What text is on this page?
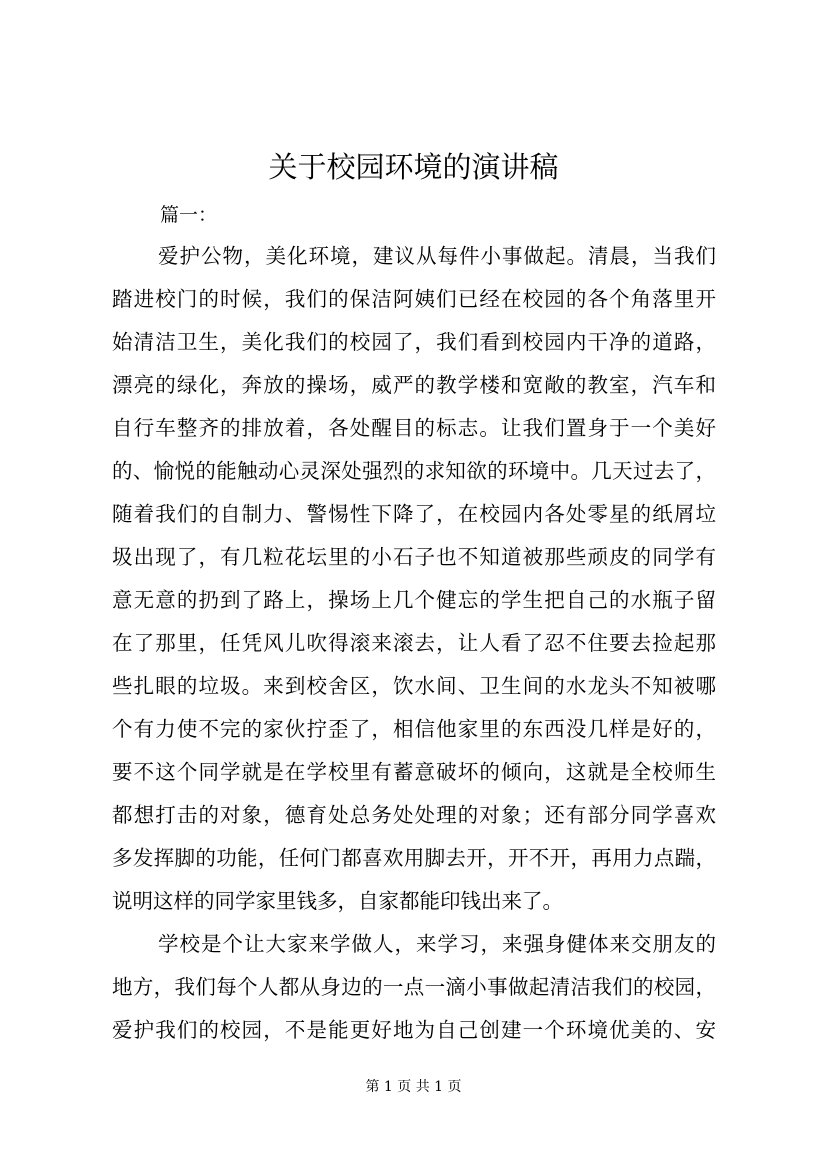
关于校园环境的演讲稿

篇一：

爱护公物，美化环境，建议从每件小事做起。清晨，当我们
踏进校门的时候，我们的保洁阿姨们已经在校园的各个角落里开
始清洁卫生，美化我们的校园了，我们看到校园内干净的道路，
漂亮的绿化，奔放的操场，威严的教学楼和宽敞的教室，汽车和
自行车整齐的排放着，各处醒目的标志。让我们置身于一个美好
的、愉悦的能触动心灵深处强烈的求知欲的环境中。几天过去了，
随着我们的自制力、警惕性下降了，在校园内各处零星的纸屑垃
圾出现了，有几粒花坛里的小石子也不知道被那些顽皮的同学有
意无意的扔到了路上，操场上几个健忘的学生把自己的水瓶子留
在了那里，任凭风儿吹得滚来滚去，让人看了忍不住要去捡起那
些扎眼的垃圾。来到校舍区，饮水间、卫生间的水龙头不知被哪
个有力使不完的家伙拧歪了，相信他家里的东西没几样是好的，
要不这个同学就是在学校里有蓄意破坏的倾向，这就是全校师生
都想打击的对象，德育处总务处处理的对象；还有部分同学喜欢
多发挥脚的功能，任何门都喜欢用脚去开，开不开，再用力点踹，
说明这样的同学家里钱多，自家都能印钱出来了。
学校是个让大家来学做人，来学习，来强身健体来交朋友的
地方，我们每个人都从身边的一点一滴小事做起清洁我们的校园，
爱护我们的校园，不是能更好地为自己创建一个环境优美的、安

第 1 页 共 1 页
